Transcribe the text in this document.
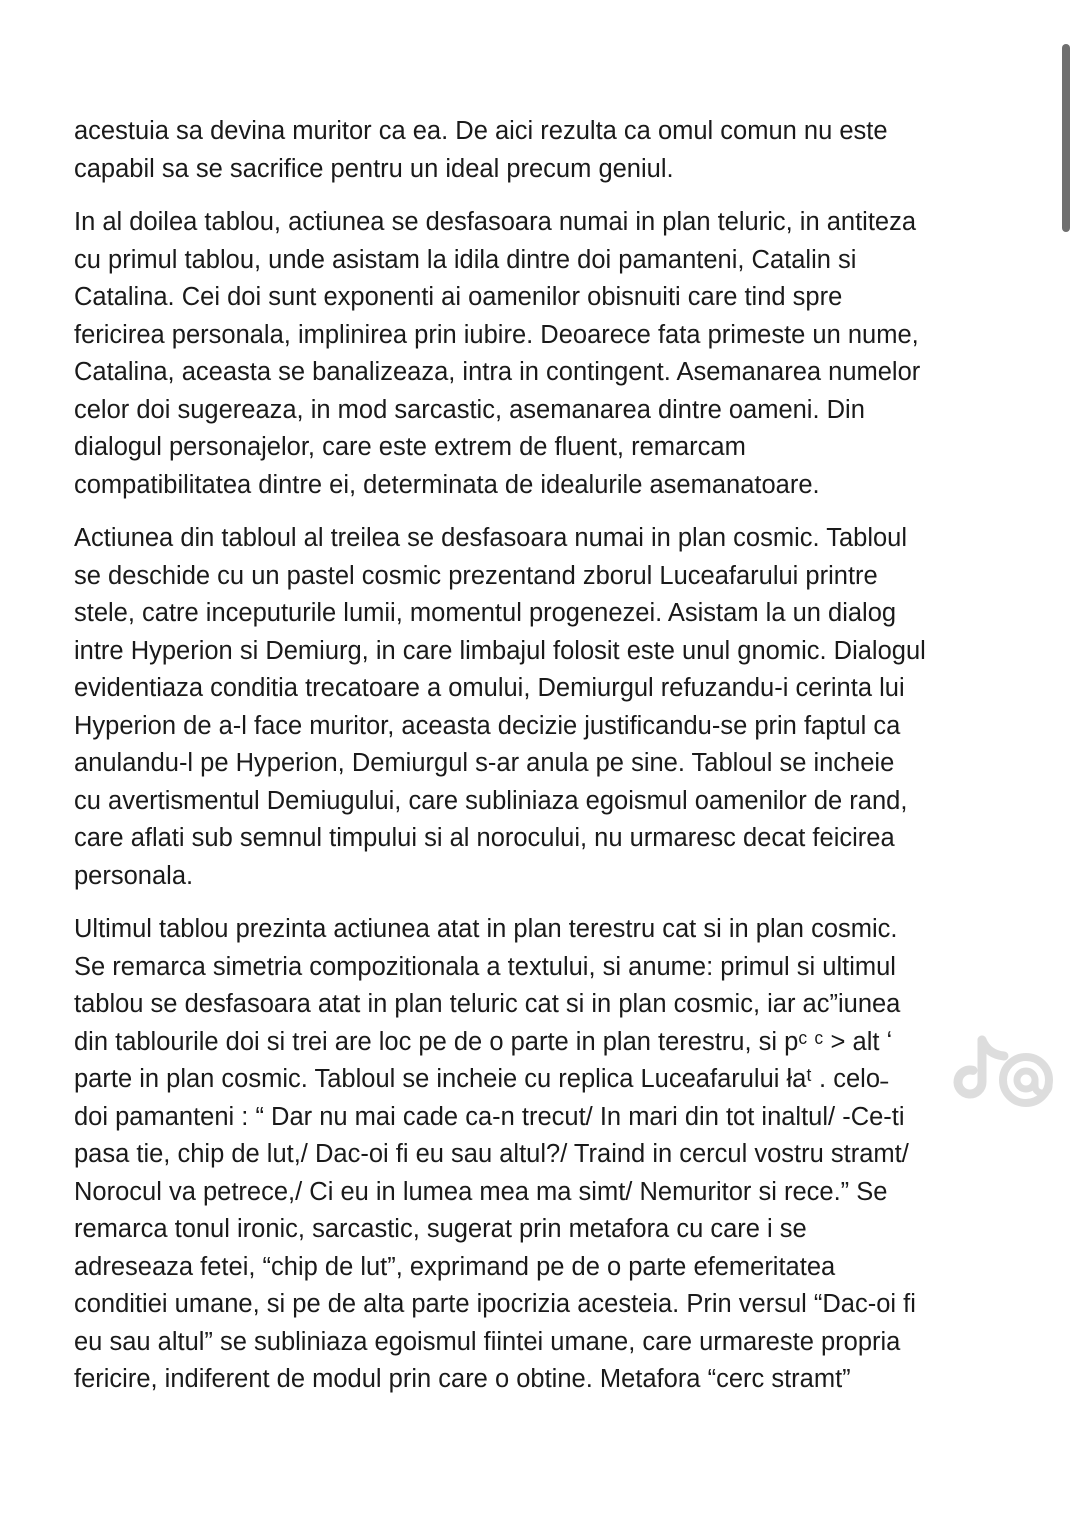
acestuia sa devina muritor ca ea. De aici rezulta ca omul comun nu este
capabil sa se sacrifice pentru un ideal precum geniul.

In al doilea tablou, actiunea se desfasoara numai in plan teluric, in antiteza
cu primul tablou, unde asistam la idila dintre doi pamanteni, Catalin si
Catalina. Cei doi sunt exponenti ai oamenilor obisnuiti care tind spre
fericirea personala, implinirea prin iubire. Deoarece fata primeste un nume,
Catalina, aceasta se banalizeaza, intra in contingent. Asemanarea numelor
celor doi sugereaza, in mod sarcastic, asemanarea dintre oameni. Din
dialogul personajelor, care este extrem de fluent, remarcam
compatibilitatea dintre ei, determinata de idealurile asemanatoare.

Actiunea din tabloul al treilea se desfasoara numai in plan cosmic. Tabloul
se deschide cu un pastel cosmic prezentand zborul Luceafarului printre
stele, catre inceputurile lumii, momentul progenezei. Asistam la un dialog
intre Hyperion si Demiurg, in care limbajul folosit este unul gnomic. Dialogul
evidentiaza conditia trecatoare a omului, Demiurgul refuzandu-i cerinta lui
Hyperion de a-l face muritor, aceasta decizie justificandu-se prin faptul ca
anulandu-l pe Hyperion, Demiurgul s-ar anula pe sine. Tabloul se incheie
cu avertismentul Demiugului, care subliniaza egoismul oamenilor de rand,
care aflati sub semnul timpului si al norocului, nu urmaresc decat feicirea
personala.

Ultimul tablou prezinta actiunea atat in plan terestru cat si in plan cosmic.
Se remarca simetria compozitionala a textului, si anume: primul si ultimul
tablou se desfasoara atat in plan teluric cat si in plan cosmic, iar ac”iunea
din tablourile doi si trei are loc pe de o parte in plan terestru, si pᶜ ᶜ ˃ alt ʻ
parte in plan cosmic. Tabloul se incheie cu replica Luceafarului łaᵗ . celo˗
doi pamanteni : “ Dar nu mai cade ca-n trecut/ In mari din tot inaltul/ -Ce-ti
pasa tie, chip de lut,/ Dac-oi fi eu sau altul?/ Traind in cercul vostru stramt/
Norocul va petrece,/ Ci eu in lumea mea ma simt/ Nemuritor si rece.” Se
remarca tonul ironic, sarcastic, sugerat prin metafora cu care i se
adreseaza fetei, “chip de lut”, exprimand pe de o parte efemeritatea
conditiei umane, si pe de alta parte ipocrizia acesteia. Prin versul “Dac-oi fi
eu sau altul” se subliniaza egoismul fiintei umane, care urmareste propria
fericire, indiferent de modul prin care o obtine. Metafora “cerc stramt”
